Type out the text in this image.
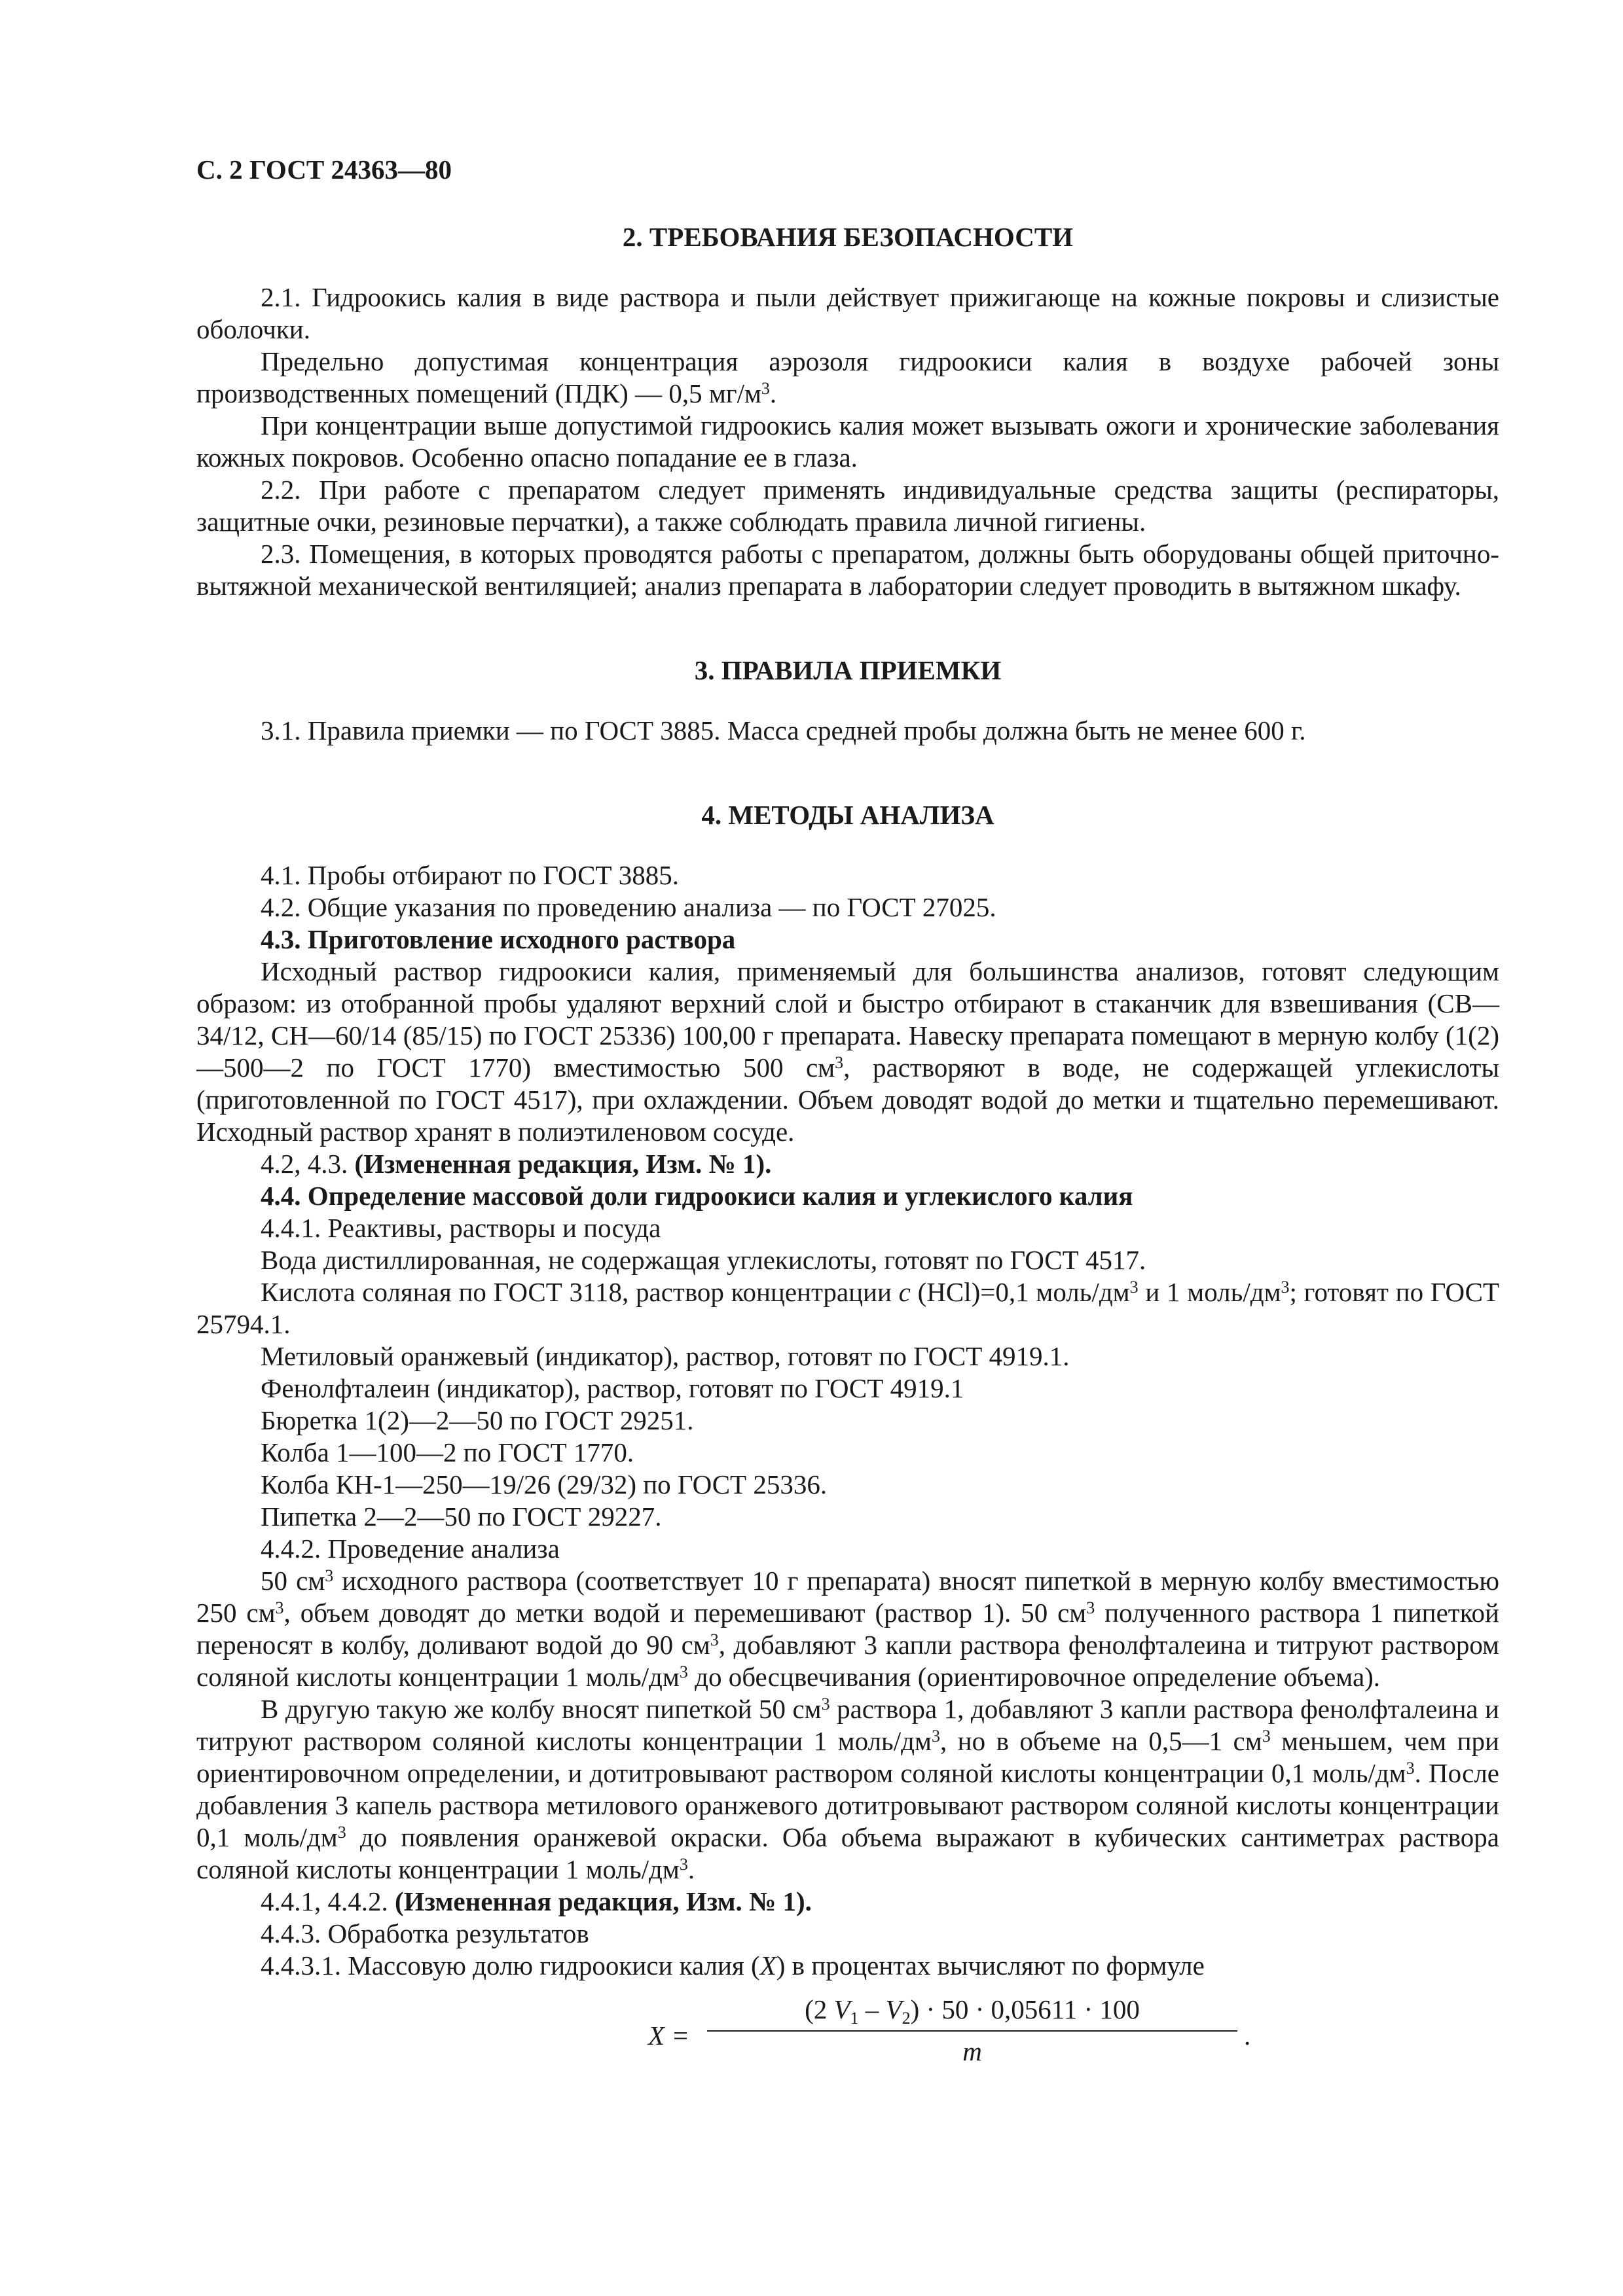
С. 2 ГОСТ 24363—80
2. ТРЕБОВАНИЯ БЕЗОПАСНОСТИ

2.1. Гидроокись калия в виде раствора и пыли действует прижигающе на кожные покровы и слизистые оболочки.

Предельно допустимая концентрация аэрозоля гидроокиси калия в воздухе рабочей зоны производственных помещений (ПДК) — 0,5 $мг/м^3$.

При концентрации выше допустимой гидроокись калия может вызывать ожоги и хронические заболевания кожных покровов. Особенно опасно попадание ее в глаза.

2.2. При работе с препаратом следует применять индивидуальные средства защиты (респираторы, защитные очки, резиновые перчатки), а также соблюдать правила личной гигиены.

2.3. Помещения, в которых проводятся работы с препаратом, должны быть оборудованы общей приточно-вытяжной механической вентиляцией; анализ препарата в лаборатории следует проводить в вытяжном шкафу.

3. ПРАВИЛА ПРИЕМКИ

3.1. Правила приемки — по ГОСТ 3885. Масса средней пробы должна быть не менее 600 г.

4. МЕТОДЫ АНАЛИЗА

4.1. Пробы отбирают по ГОСТ 3885.

4.2. Общие указания по проведению анализа — по ГОСТ 27025.

4.3. Приготовление исходного раствора

Исходный раствор гидроокиси калия, применяемый для большинства анализов, готовят следующим образом: из отобранной пробы удаляют верхний слой и быстро отбирают в стаканчик для взвешивания (СВ—34/12, СН—60/14 (85/15) по ГОСТ 25336) 100,00 г препарата. Навеску препарата помещают в мерную колбу (1(2)—500—2 по ГОСТ 1770) вместимостью 500 $см^3$, растворяют в воде, не содержащей углекислоты (приготовленной по ГОСТ 4517), при охлаждении. Объем доводят водой до метки и тщательно перемешивают. Исходный раствор хранят в полиэтиленовом сосуде.

4.2, 4.3. (Измененная редакция, Изм. № 1).

4.4. Определение массовой доли гидроокиси калия и углекислого калия

4.4.1. Реактивы, растворы и посуда

Вода дистиллированная, не содержащая углекислоты, готовят по ГОСТ 4517.

Кислота соляная по ГОСТ 3118, раствор концентрации с (HCl)=0,1 моль/$дм^3$ и 1 моль/$дм^3$; готовят по ГОСТ 25794.1.

Метиловый оранжевый (индикатор), раствор, готовят по ГОСТ 4919.1.

Фенолфталеин (индикатор), раствор, готовят по ГОСТ 4919.1

Бюретка 1(2)—2—50 по ГОСТ 29251.

Колба 1—100—2 по ГОСТ 1770.

Колба КН-1—250—19/26 (29/32) по ГОСТ 25336.

Пипетка 2—2—50 по ГОСТ 29227.

4.4.2. Проведение анализа

50 $см^3$ исходного раствора (соответствует 10 г препарата) вносят пипеткой в мерную колбу вместимостью 250 $см^3$, объем доводят до метки водой и перемешивают (раствор 1). 50 $см^3$ полученного раствора 1 пипеткой переносят в колбу, доливают водой до 90 $см^3$, добавляют 3 капли раствора фенолфталеина и титруют раствором соляной кислоты концентрации 1 моль/$дм^3$ до обесцвечивания (ориентировочное определение объема).

В другую такую же колбу вносят пипеткой 50 $см^3$ раствора 1, добавляют 3 капли раствора фенолфталеина и титруют раствором соляной кислоты концентрации 1 моль/$дм^3$, но в объеме на 0,5—1 $см^3$ меньшем, чем при ориентировочном определении, и дотитровывают раствором соляной кислоты концентрации 0,1 моль/$дм^3$. После добавления 3 капель раствора метилового оранжевого дотитровывают раствором соляной кислоты концентрации 0,1 моль/$дм^3$ до появления оранжевой окраски. Оба объема выражают в кубических сантиметрах раствора соляной кислоты концентрации 1 моль/$дм^3$.

4.4.1, 4.4.2. (Измененная редакция, Изм. № 1).

4.4.3. Обработка результатов

4.4.3.1. Массовую долю гидроокиси калия (X) в процентах вычисляют по формуле

X =
(2 $V_1 - V_2) \cdot 50 \cdot 0,05611 \cdot 100$
m
.
